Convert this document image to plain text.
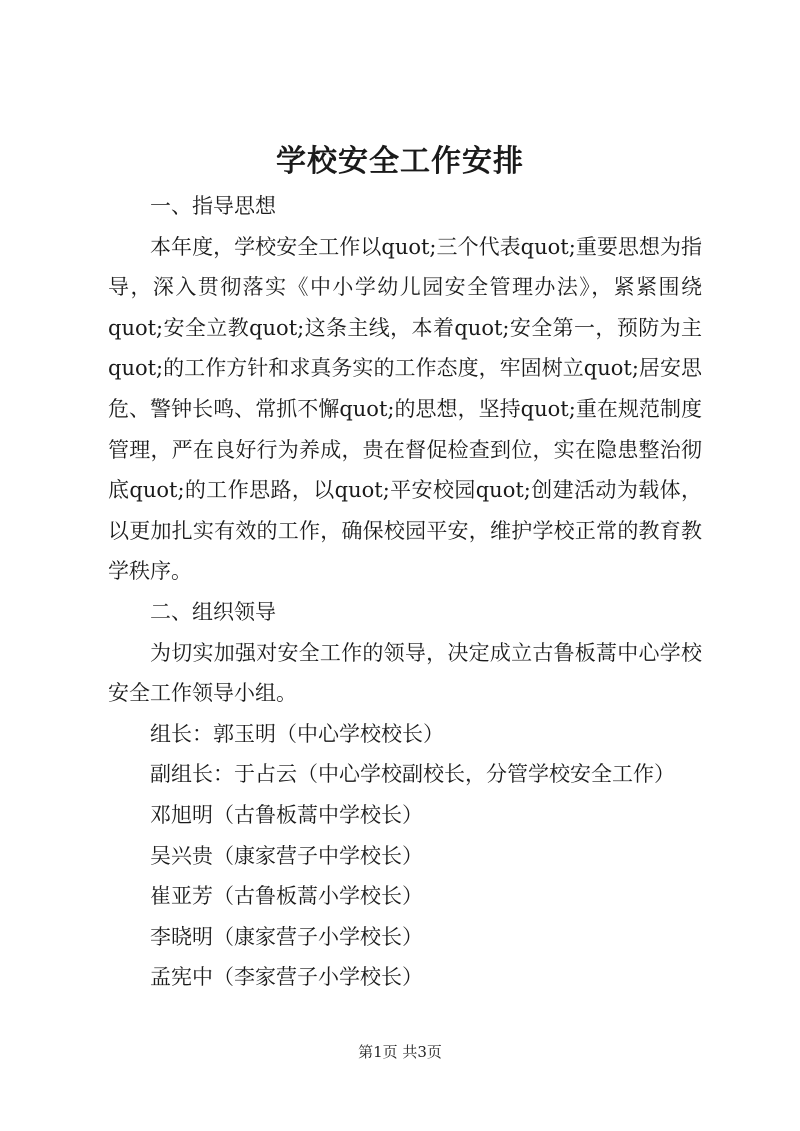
学校安全工作安排

一、指导思想

本年度，学校安全工作以quot;三个代表quot;重要思想为指导，深入贯彻落实《中小学幼儿园安全管理办法》，紧紧围绕quot;安全立教quot;这条主线，本着quot;安全第一，预防为主quot;的工作方针和求真务实的工作态度，牢固树立quot;居安思危、警钟长鸣、常抓不懈quot;的思想，坚持quot;重在规范制度管理，严在良好行为养成，贵在督促检查到位，实在隐患整治彻底quot;的工作思路，以quot;平安校园quot;创建活动为载体，以更加扎实有效的工作，确保校园平安，维护学校正常的教育教学秩序。

二、组织领导

为切实加强对安全工作的领导，决定成立古鲁板蒿中心学校安全工作领导小组。

组长：郭玉明（中心学校校长）

副组长：于占云（中心学校副校长，分管学校安全工作）

邓旭明（古鲁板蒿中学校长）

吴兴贵（康家营子中学校长）

崔亚芳（古鲁板蒿小学校长）

李晓明（康家营子小学校长）

孟宪中（李家营子小学校长）

第1页 共3页
